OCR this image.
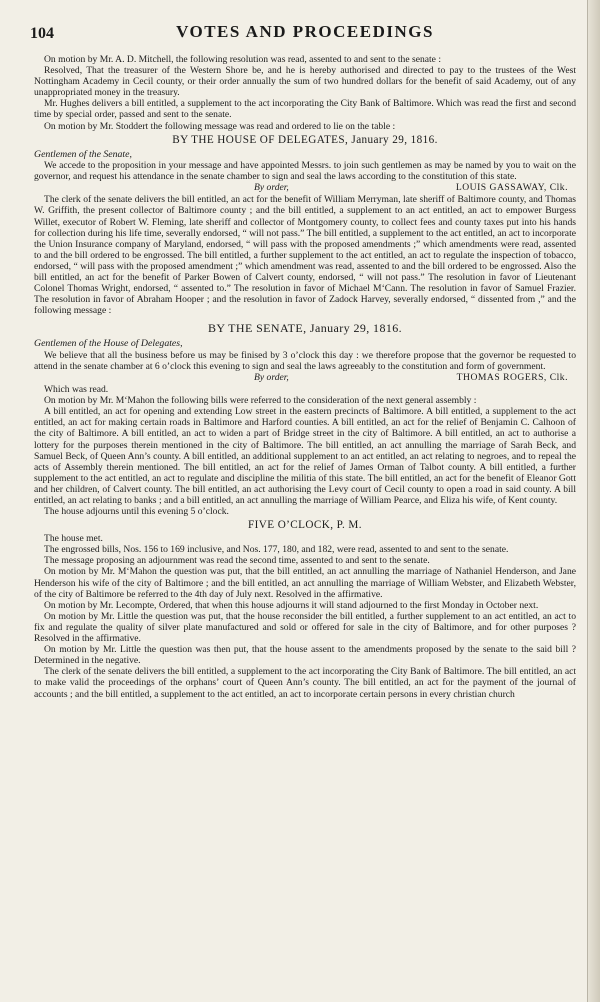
104	VOTES AND PROCEEDINGS

On motion by Mr. A. D. Mitchell, the following resolution was read, assented to and sent to the senate :

Resolved, That the treasurer of the Western Shore be, and he is hereby authorised and directed to pay to the trustees of the West Nottingham Academy in Cecil county, or their order annually the sum of two hundred dollars for the benefit of said Academy, out of any unappropriated money in the treasury.

Mr. Hughes delivers a bill entitled, a supplement to the act incorporating the City Bank of Baltimore. Which was read the first and second time by special order, passed and sent to the senate.

On motion by Mr. Stoddert the following message was read and ordered to lie on the table :

BY THE HOUSE OF DELEGATES, January 29, 1816.
Gentlemen of the Senate,

We accede to the proposition in your message and have appointed Messrs. to join such gentlemen as may be named by you to wait on the governor, and request his attendance in the senate chamber to sign and seal the laws according to the constitution of this state.

By order,	LOUIS GASSAWAY, Clk.

The clerk of the senate delivers the bill entitled, an act for the benefit of William Merryman, late sheriff of Baltimore county, and Thomas W. Griffith, the present collector of Baltimore county ; and the bill entitled, a supplement to an act entitled, an act to empower Burgess Willet, executor of Robert W. Fleming, late sheriff and collector of Montgomery county, to collect fees and county taxes put into his hands for collection during his life time, severally endorsed, “ will not pass.” The bill entitled, a supplement to the act entitled, an act to incorporate the Union Insurance company of Maryland, endorsed, “ will pass with the proposed amendments ;” which amendments were read, assented to and the bill ordered to be engrossed. The bill entitled, a further supplement to the act entitled, an act to regulate the inspection of tobacco, endorsed, “ will pass with the proposed amendment ;” which amendment was read, assented to and the bill ordered to be engrossed. Also the bill entitled, an act for the benefit of Parker Bowen of Calvert county, endorsed, “ will not pass.” The resolution in favor of Lieutenant Colonel Thomas Wright, endorsed, “ assented to.” The resolution in favor of Michael M‘Cann. The resolution in favor of Samuel Frazier. The resolution in favor of Abraham Hooper ; and the resolution in favor of Zadock Harvey, severally endorsed, “ dissented from ,” and the following message :

BY THE SENATE, January 29, 1816.
Gentlemen of the House of Delegates,

We believe that all the business before us may be finised by 3 o’clock this day : we therefore propose that the governor be requested to attend in the senate chamber at 6 o’clock this evening to sign and seal the laws agreeably to the constitution and form of government.

By order,	THOMAS ROGERS, Clk.

Which was read.

On motion by Mr. M‘Mahon the following bills were referred to the consideration of the next general assembly :

A bill entitled, an act for opening and extending Low street in the eastern precincts of Baltimore. A bill entitled, a supplement to the act entitled, an act for making certain roads in Baltimore and Harford counties. A bill entitled, an act for the relief of Benjamin C. Calhoon of the city of Baltimore. A bill entitled, an act to widen a part of Bridge street in the city of Baltimore. A bill entitled, an act to authorise a lottery for the purposes therein mentioned in the city of Baltimore. The bill entitled, an act annulling the marriage of Sarah Beck, and Samuel Beck, of Queen Ann’s county. A bill entitled, an additional supplement to an act entitled, an act relating to negroes, and to repeal the acts of Assembly therein mentioned. The bill entitled, an act for the relief of James Orman of Talbot county. A bill entitled, a further supplement to the act entitled, an act to regulate and discipline the militia of this state. The bill entitled, an act for the benefit of Eleanor Gott and her children, of Calvert county. The bill entitled, an act authorising the Levy court of Cecil county to open a road in said county. A bill entitled, an act relating to banks ; and a bill entitled, an act annulling the marriage of William Pearce, and Eliza his wife, of Kent county.

The house adjourns until this evening 5 o’clock.

FIVE O’CLOCK, P. M.

The house met.

The engrossed bills, Nos. 156 to 169 inclusive, and Nos. 177, 180, and 182, were read, assented to and sent to the senate.

The message proposing an adjournment was read the second time, assented to and sent to the senate.

On motion by Mr. M‘Mahon the question was put, that the bill entitled, an act annulling the marriage of Nathaniel Henderson, and Jane Henderson his wife of the city of Baltimore ; and the bill entitled, an act annulling the marriage of William Webster, and Elizabeth Webster, of the city of Baltimore be referred to the 4th day of July next. Resolved in the affirmative.

On motion by Mr. Lecompte, Ordered, that when this house adjourns it will stand adjourned to the first Monday in October next.

On motion by Mr. Little the question was put, that the house reconsider the bill entitled, a further supplement to an act entitled, an act to fix and regulate the quality of silver plate manufactured and sold or offered for sale in the city of Baltimore, and for other purposes ? Resolved in the affirmative.

On motion by Mr. Little the question was then put, that the house assent to the amendments proposed by the senate to the said bill ? Determined in the negative.

The clerk of the senate delivers the bill entitled, a supplement to the act incorporating the City Bank of Baltimore. The bill entitled, an act to make valid the proceedings of the orphans’ court of Queen Ann’s county. The bill entitled, an act for the payment of the journal of accounts ; and the bill entitled, a supplement to the act entitled, an act to incorporate certain persons in every christian church
